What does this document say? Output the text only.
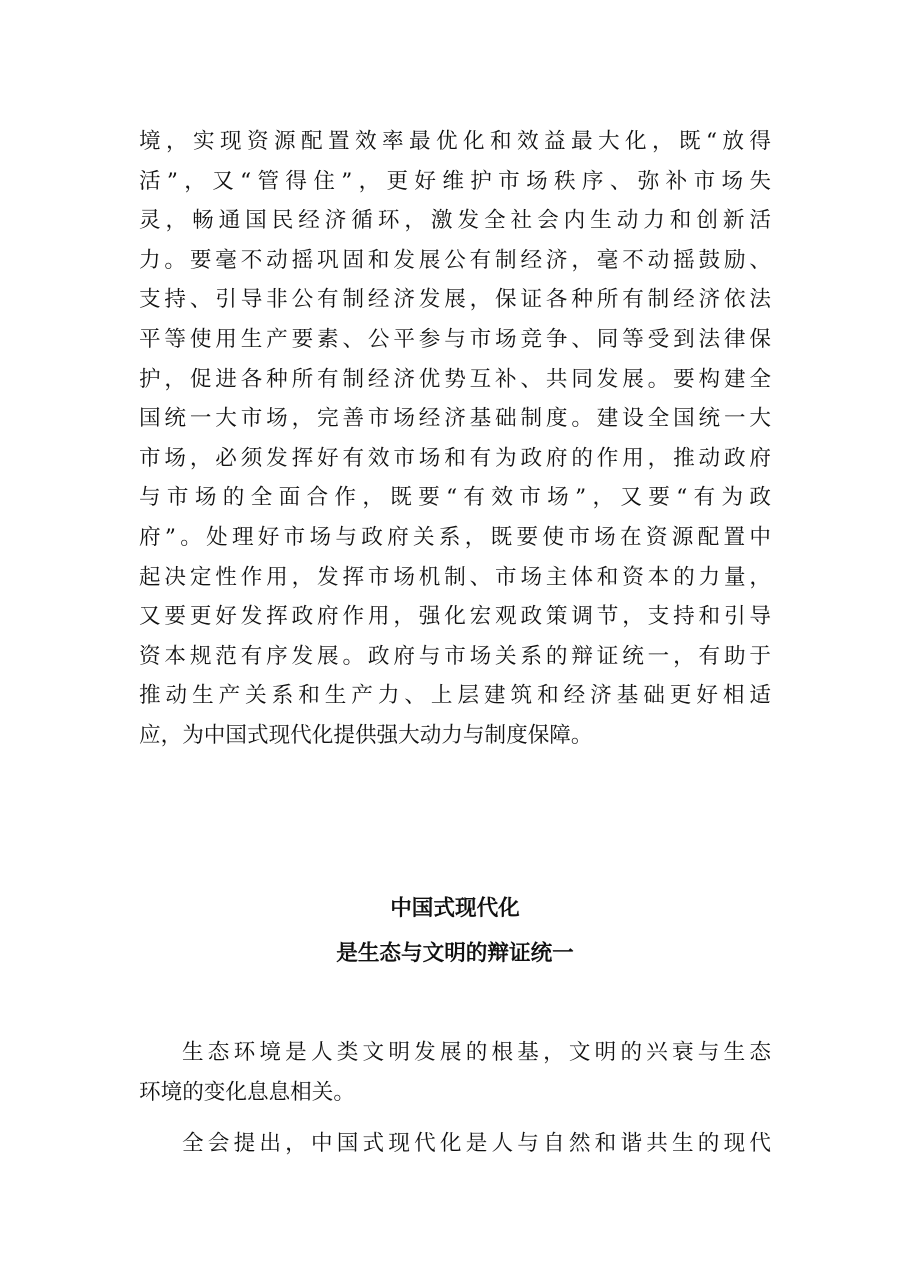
境，实现资源配置效率最优化和效益最大化，既“放得
活”，又“管得住”，更好维护市场秩序、弥补市场失
灵，畅通国民经济循环，激发全社会内生动力和创新活
力。要毫不动摇巩固和发展公有制经济，毫不动摇鼓励、
支持、引导非公有制经济发展，保证各种所有制经济依法
平等使用生产要素、公平参与市场竞争、同等受到法律保
护，促进各种所有制经济优势互补、共同发展。要构建全
国统一大市场，完善市场经济基础制度。建设全国统一大
市场，必须发挥好有效市场和有为政府的作用，推动政府
与市场的全面合作，既要“有效市场”，又要“有为政
府”。处理好市场与政府关系，既要使市场在资源配置中
起决定性作用，发挥市场机制、市场主体和资本的力量，
又要更好发挥政府作用，强化宏观政策调节，支持和引导
资本规范有序发展。政府与市场关系的辩证统一，有助于
推动生产关系和生产力、上层建筑和经济基础更好相适
应，为中国式现代化提供强大动力与制度保障。
中国式现代化
是生态与文明的辩证统一
生态环境是人类文明发展的根基，文明的兴衰与生态
环境的变化息息相关。
全会提出，中国式现代化是人与自然和谐共生的现代
